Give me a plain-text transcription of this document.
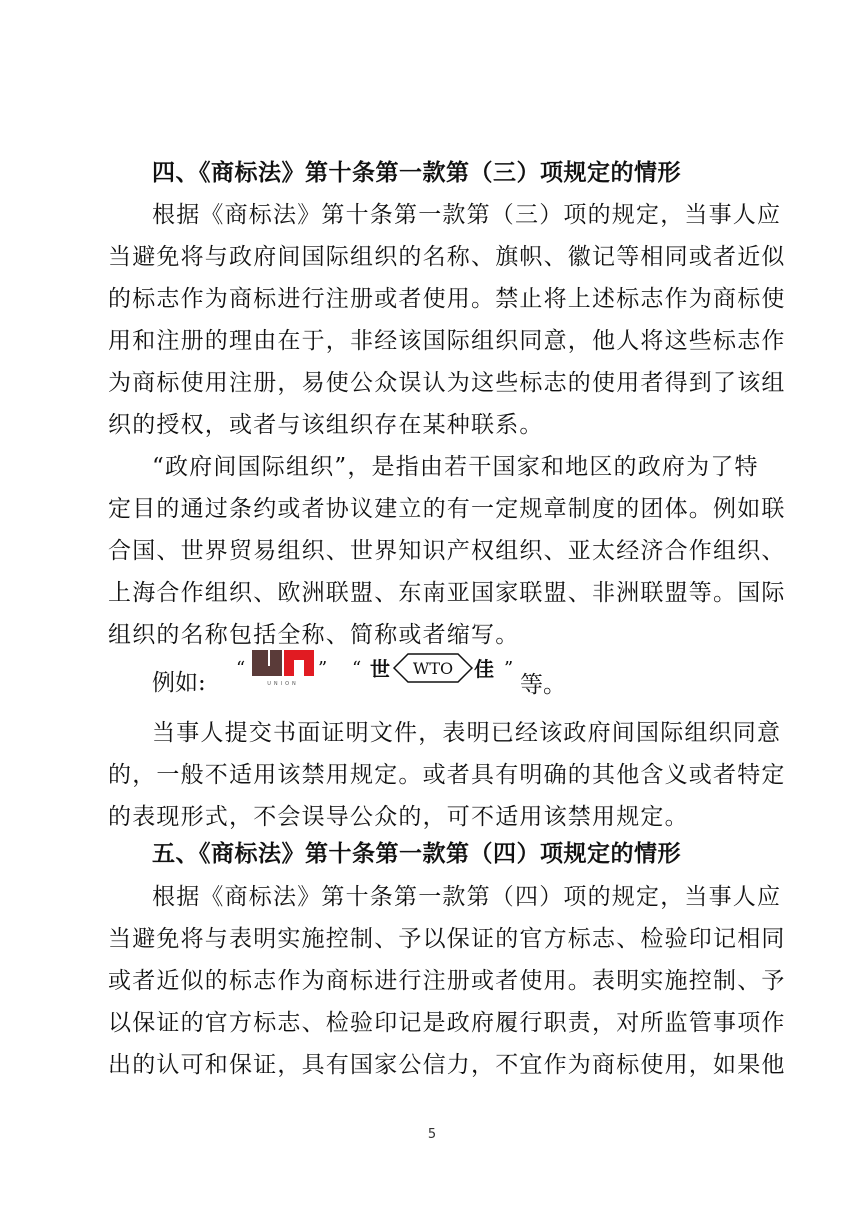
四、《商标法》第十条第一款第（三）项规定的情形
根据《商标法》第十条第一款第（三）项的规定，当事人应
当避免将与政府间国际组织的名称、旗帜、徽记等相同或者近似
的标志作为商标进行注册或者使用。禁止将上述标志作为商标使
用和注册的理由在于，非经该国际组织同意，他人将这些标志作
为商标使用注册，易使公众误认为这些标志的使用者得到了该组
织的授权，或者与该组织存在某种联系。
“政府间国际组织”，是指由若干国家和地区的政府为了特
定目的通过条约或者协议建立的有一定规章制度的团体。例如联
合国、世界贸易组织、世界知识产权组织、亚太经济合作组织、
上海合作组织、欧洲联盟、东南亚国家联盟、非洲联盟等。国际
组织的名称包括全称、简称或者缩写。
例如:
“
UNION
” “ 世 WTO 佳 ”
等。
当事人提交书面证明文件，表明已经该政府间国际组织同意
的，一般不适用该禁用规定。或者具有明确的其他含义或者特定
的表现形式，不会误导公众的，可不适用该禁用规定。
五、《商标法》第十条第一款第（四）项规定的情形
根据《商标法》第十条第一款第（四）项的规定，当事人应
当避免将与表明实施控制、予以保证的官方标志、检验印记相同
或者近似的标志作为商标进行注册或者使用。表明实施控制、予
以保证的官方标志、检验印记是政府履行职责，对所监管事项作
出的认可和保证，具有国家公信力，不宜作为商标使用，如果他
5
